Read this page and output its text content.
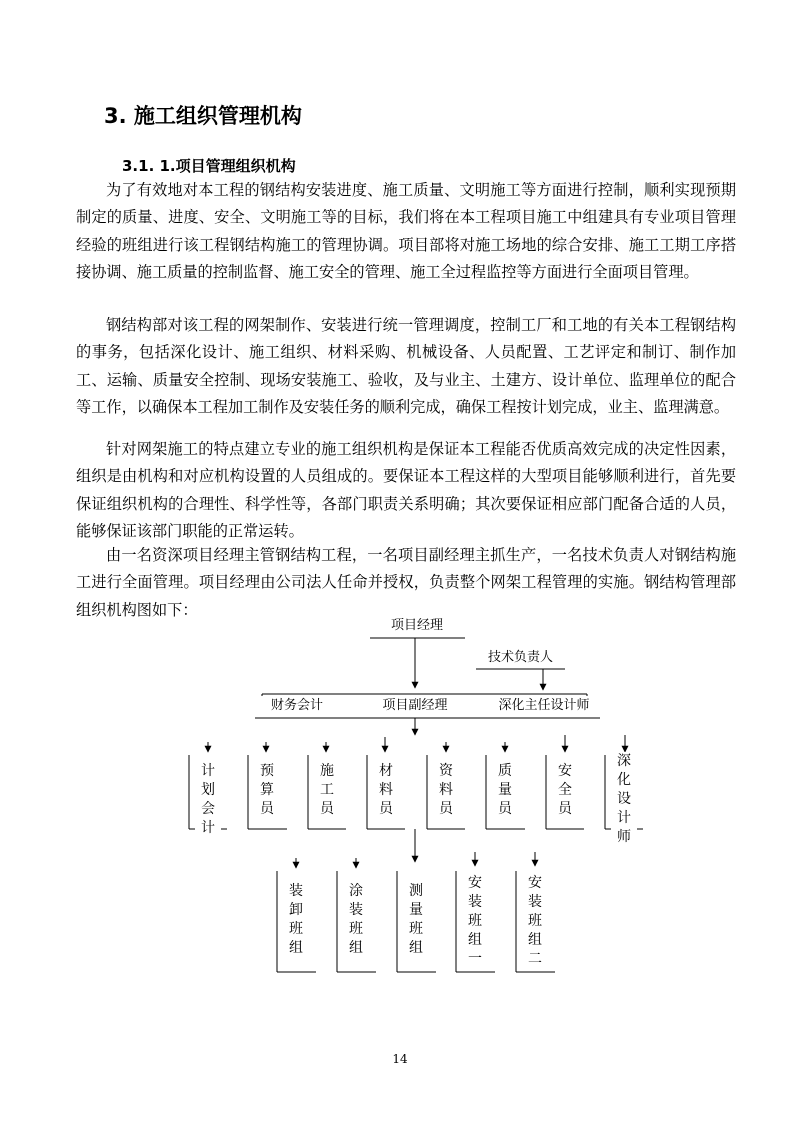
3. 施工组织管理机构
3.1. 1.项目管理组织机构

为了有效地对本工程的钢结构安装进度、施工质量、文明施工等方面进行控制，顺利实现预期制定的质量、进度、安全、文明施工等的目标，我们将在本工程项目施工中组建具有专业项目管理经验的班组进行该工程钢结构施工的管理协调。项目部将对施工场地的综合安排、施工工期工序搭接协调、施工质量的控制监督、施工安全的管理、施工全过程监控等方面进行全面项目管理。

钢结构部对该工程的网架制作、安装进行统一管理调度，控制工厂和工地的有关本工程钢结构的事务，包括深化设计、施工组织、材料采购、机械设备、人员配置、工艺评定和制订、制作加工、运输、质量安全控制、现场安装施工、验收，及与业主、土建方、设计单位、监理单位的配合等工作，以确保本工程加工制作及安装任务的顺利完成，确保工程按计划完成，业主、监理满意。

针对网架施工的特点建立专业的施工组织机构是保证本工程能否优质高效完成的决定性因素，组织是由机构和对应机构设置的人员组成的。要保证本工程这样的大型项目能够顺利进行，首先要保证组织机构的合理性、科学性等，各部门职责关系明确；其次要保证相应部门配备合适的人员，能够保证该部门职能的正常运转。

由一名资深项目经理主管钢结构工程，一名项目副经理主抓生产，一名技术负责人对钢结构施工进行全面管理。项目经理由公司法人任命并授权，负责整个网架工程管理的实施。钢结构管理部组织机构图如下：

项目经理
技术负责人
财务会计	项目副经理	深化主任设计师
计划会计
预算员
施工员
材料员
资料员
质量员
安全员
深化设计师
装卸班组
涂装班组
测量班组
安装班组一
安装班组二
14
